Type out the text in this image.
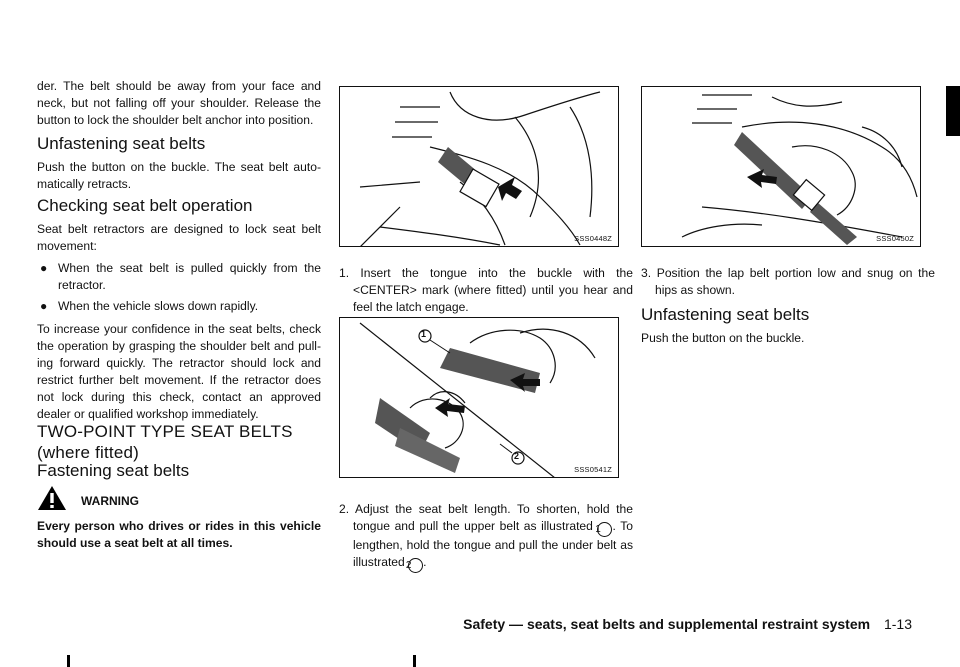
der. The belt should be away from your face and neck, but not falling off your shoulder. Release the button to lock the shoulder belt anchor into position.

Unfastening seat belts

Push the button on the buckle. The seat belt auto-matically retracts.

Checking seat belt operation

Seat belt retractors are designed to lock seat belt movement:

● When the seat belt is pulled quickly from the retractor.

● When the vehicle slows down rapidly.

To increase your confidence in the seat belts, check the operation by grasping the shoulder belt and pull-ing forward quickly. The retractor should lock and restrict further belt movement. If the retractor does not lock during this check, contact an approved dealer or qualified workshop immediately.

TWO-POINT TYPE SEAT BELTS
(where fitted)
Fastening seat belts
WARNING

Every person who drives or rides in this vehicle should use a seat belt at all times.

SSS0448Z

1. Insert the tongue into the buckle with the <CENTER> mark (where fitted) until you hear and feel the latch engage.

1
2
SSS0541Z

2. Adjust the seat belt length. To shorten, hold the tongue and pull the upper belt as illustrated 1 . To lengthen, hold the tongue and pull the under belt as illustrated 2 .

SSS0450Z

3. Position the lap belt portion low and snug on the hips as shown.

Unfastening seat belts

Push the button on the buckle.

Safety — seats, seat belts and supplemental restraint system 1-13
